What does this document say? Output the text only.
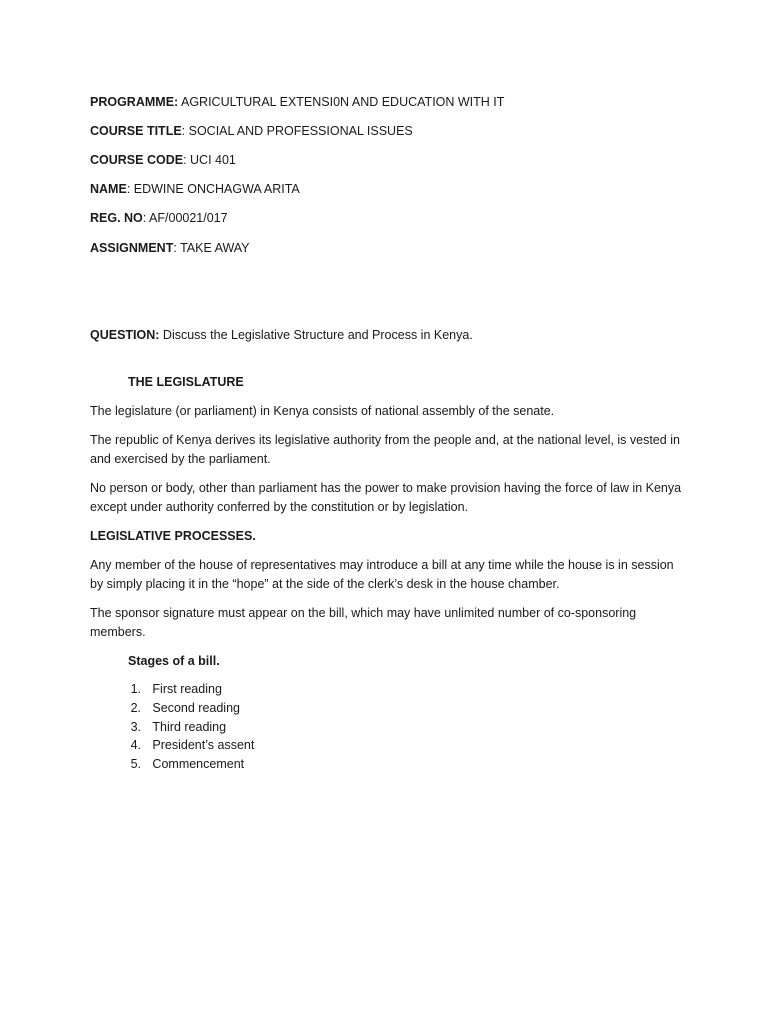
PROGRAMME: AGRICULTURAL EXTENSI0N AND EDUCATION WITH IT
COURSE TITLE: SOCIAL AND PROFESSIONAL ISSUES
COURSE CODE: UCI 401
NAME: EDWINE ONCHAGWA ARITA
REG. NO: AF/00021/017
ASSIGNMENT: TAKE AWAY
QUESTION: Discuss the Legislative Structure and Process in Kenya.
THE LEGISLATURE
The legislature (or parliament) in Kenya consists of national assembly of the senate.
The republic of Kenya derives its legislative authority from the people and, at the national level, is vested in and exercised by the parliament.
No person or body, other than parliament has the power to make provision having the force of law in Kenya except under authority conferred by the constitution or by legislation.
LEGISLATIVE PROCESSES.
Any member of the house of representatives may introduce a bill at any time while the house is in session by simply placing it in the “hope” at the side of the clerk’s desk in the house chamber.
The sponsor signature must appear on the bill, which may have unlimited number of co-sponsoring members.
Stages of a bill.
1. First reading
2. Second reading
3. Third reading
4. President’s assent
5. Commencement
